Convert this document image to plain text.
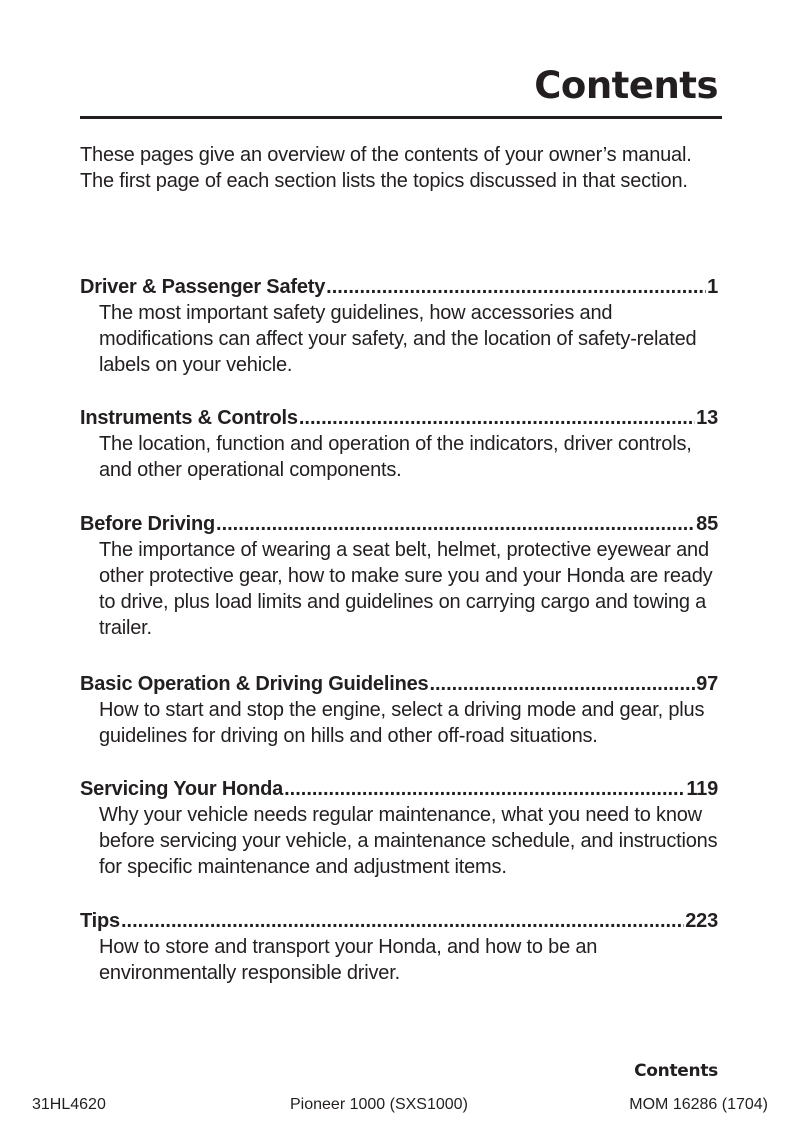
Contents

These pages give an overview of the contents of your owner’s manual.

The first page of each section lists the topics discussed in that section.

Driver & Passenger Safety .....	1

The most important safety guidelines, how accessories and modifications can affect your safety, and the location of safety-related labels on your vehicle.

Instruments & Controls .....	13

The location, function and operation of the indicators, driver controls, and other operational components.

Before Driving .....	85

The importance of wearing a seat belt, helmet, protective eyewear and other protective gear, how to make sure you and your Honda are ready to drive, plus load limits and guidelines on carrying cargo and towing a trailer.

Basic Operation & Driving Guidelines .....	97

How to start and stop the engine, select a driving mode and gear, plus guidelines for driving on hills and other off-road situations.

Servicing Your Honda .....	119

Why your vehicle needs regular maintenance, what you need to know before servicing your vehicle, a maintenance schedule, and instructions for specific maintenance and adjustment items.

Tips .....	223

How to store and transport your Honda, and how to be an environmentally responsible driver.

Contents
31HL4620	Pioneer 1000 (SXS1000)	MOM 16286 (1704)
